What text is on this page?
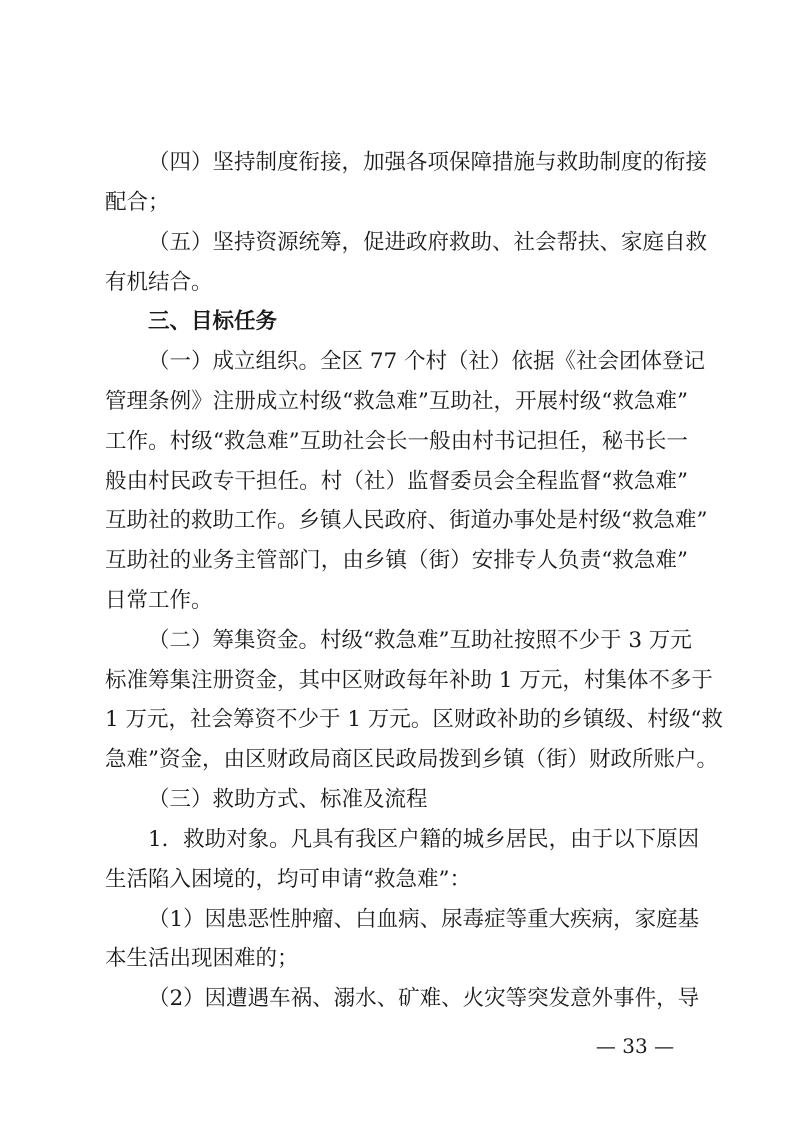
（四）坚持制度衔接，加强各项保障措施与救助制度的衔接
配合；
（五）坚持资源统筹，促进政府救助、社会帮扶、家庭自救
有机结合。
三、目标任务
（一）成立组织。全区 77 个村（社）依据《社会团体登记
管理条例》注册成立村级“救急难”互助社，开展村级“救急难”
工作。村级“救急难”互助社会长一般由村书记担任，秘书长一
般由村民政专干担任。村（社）监督委员会全程监督“救急难”
互助社的救助工作。乡镇人民政府、街道办事处是村级“救急难”
互助社的业务主管部门，由乡镇（街）安排专人负责“救急难”
日常工作。
（二）筹集资金。村级“救急难”互助社按照不少于 3 万元
标准筹集注册资金，其中区财政每年补助 1 万元，村集体不多于
1 万元，社会筹资不少于 1 万元。区财政补助的乡镇级、村级“救
急难”资金，由区财政局商区民政局拨到乡镇（街）财政所账户。
（三）救助方式、标准及流程
1．救助对象。凡具有我区户籍的城乡居民，由于以下原因
生活陷入困境的，均可申请“救急难”：
（1）因患恶性肿瘤、白血病、尿毒症等重大疾病，家庭基
本生活出现困难的；
（2）因遭遇车祸、溺水、矿难、火灾等突发意外事件，导
— 33 —
